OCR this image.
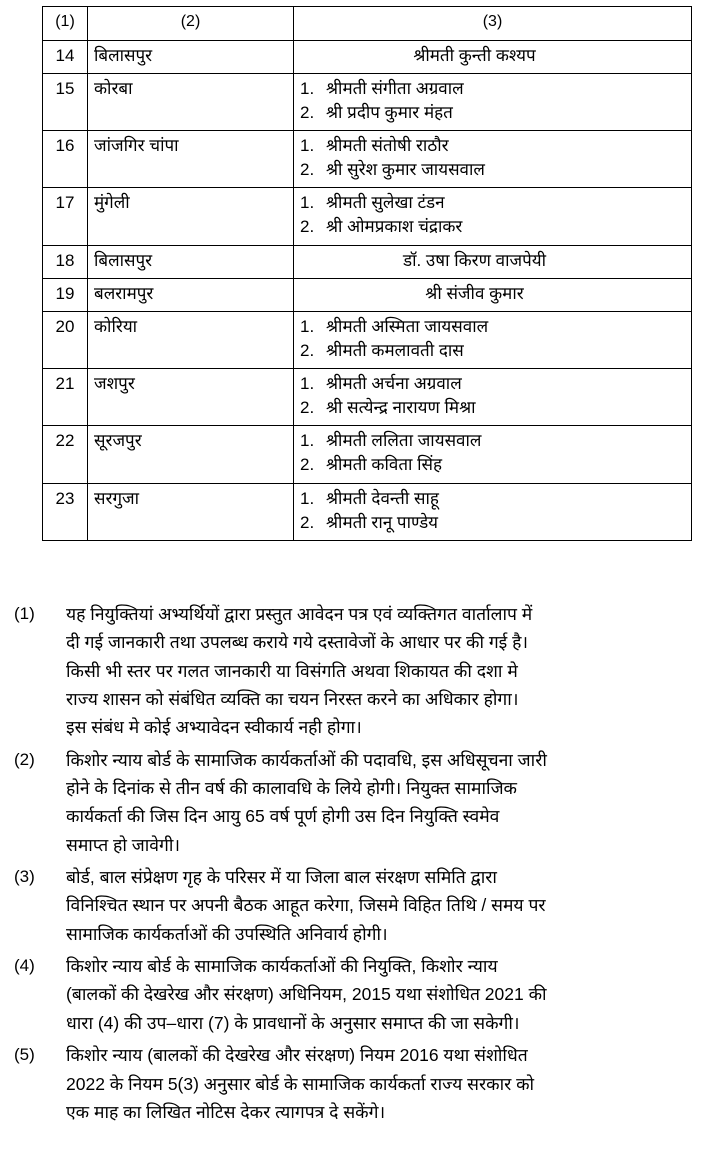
(1)	(2)	(3)
14	बिलासपुर	श्रीमती कुन्ती कश्यप

15	कोरबा	1. श्रीमती संगीता अग्रवाल
2. श्री प्रदीप कुमार मंहत

16	जांजगिर चांपा	1. श्रीमती संतोषी राठौर
2. श्री सुरेश कुमार जायसवाल

17	मुंगेली	1. श्रीमती सुलेखा टंडन
2. श्री ओमप्रकाश चंद्राकर

18	बिलासपुर	डॉ. उषा किरण वाजपेयी

19	बलरामपुर	श्री संजीव कुमार

20	कोरिया	1. श्रीमती अस्मिता जायसवाल
2. श्रीमती कमलावती दास

21	जशपुर	1. श्रीमती अर्चना अग्रवाल
2. श्री सत्येन्द्र नारायण मिश्रा

22	सूरजपुर	1. श्रीमती ललिता जायसवाल
2. श्रीमती कविता सिंह

23	सरगुजा	1. श्रीमती देवन्ती साहू
2. श्रीमती रानू पाण्डेय
(1)	यह नियुक्तियां अभ्यर्थियों द्वारा प्रस्तुत आवेदन पत्र एवं व्यक्तिगत वार्तालाप में
दी गई जानकारी तथा उपलब्ध कराये गये दस्तावेजों के आधार पर की गई है।
किसी भी स्तर पर गलत जानकारी या विसंगति अथवा शिकायत की दशा मे
राज्य शासन को संबंधित व्यक्ति का चयन निरस्त करने का अधिकार होगा।
इस संबंध मे कोई अभ्यावेदन स्वीकार्य नही होगा।
(2)	किशोर न्याय बोर्ड के सामाजिक कार्यकर्ताओं की पदावधि, इस अधिसूचना जारी
होने के दिनांक से तीन वर्ष की कालावधि के लिये होगी। नियुक्त सामाजिक
कार्यकर्ता की जिस दिन आयु 65 वर्ष पूर्ण होगी उस दिन नियुक्ति स्वमेव
समाप्त हो जावेगी।
(3)	बोर्ड, बाल संप्रेक्षण गृह के परिसर में या जिला बाल संरक्षण समिति द्वारा
विनिश्चित स्थान पर अपनी बैठक आहूत करेगा, जिसमे विहित तिथि / समय पर
सामाजिक कार्यकर्ताओं की उपस्थिति अनिवार्य होगी।
(4)	किशोर न्याय बोर्ड के सामाजिक कार्यकर्ताओं की नियुक्ति, किशोर न्याय
(बालकों की देखरेख और संरक्षण) अधिनियम, 2015 यथा संशोधित 2021 की
धारा (4) की उप–धारा (7) के प्रावधानों के अनुसार समाप्त की जा सकेगी।
(5)	किशोर न्याय (बालकों की देखरेख और संरक्षण) नियम 2016 यथा संशोधित
2022 के नियम 5(3) अनुसार बोर्ड के सामाजिक कार्यकर्ता राज्य सरकार को
एक माह का लिखित नोटिस देकर त्यागपत्र दे सकेंगे।
